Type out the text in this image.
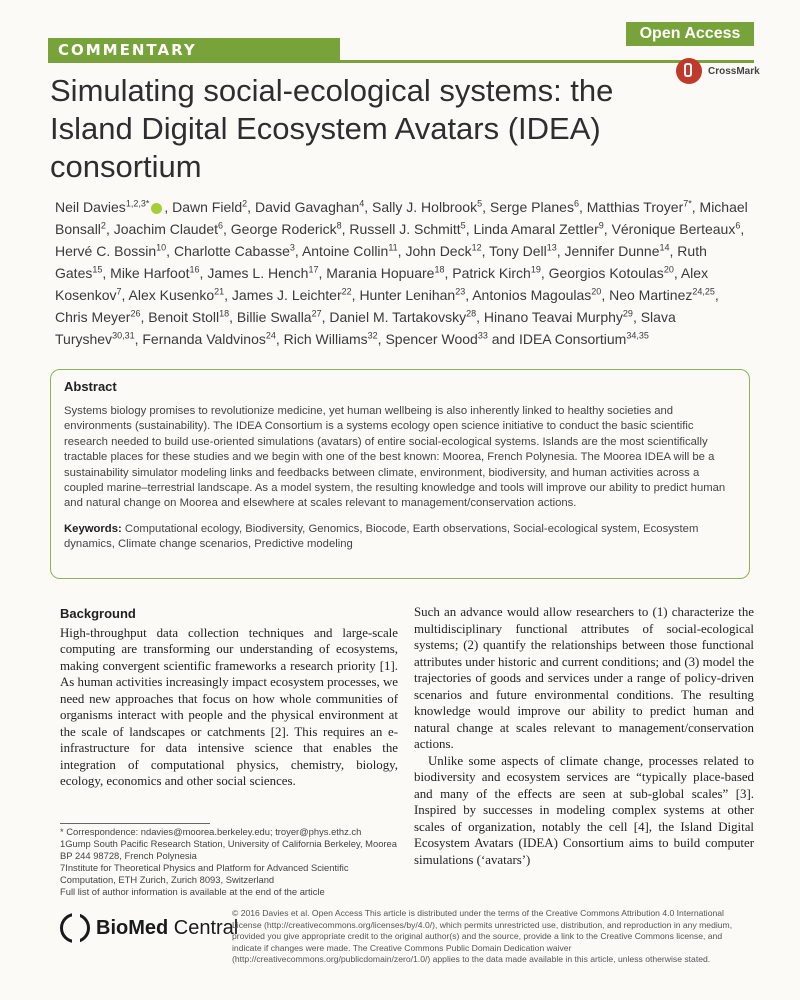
COMMENTARY
Open Access
CrossMark
Simulating social-ecological systems: the Island Digital Ecosystem Avatars (IDEA) consortium
Neil Davies$^{1,2,3*}$ , Dawn Field$^2$, David Gavaghan$^4$, Sally J. Holbrook$^5$, Serge Planes$^6$, Matthias Troyer$^{7*}$, Michael Bonsall$^2$, Joachim Claudet$^6$, George Roderick$^8$, Russell J. Schmitt$^5$, Linda Amaral Zettler$^9$, Véronique Berteaux$^6$, Hervé C. Bossin$^{10}$, Charlotte Cabasse$^3$, Antoine Collin$^{11}$, John Deck$^{12}$, Tony Dell$^{13}$, Jennifer Dunne$^{14}$, Ruth Gates$^{15}$, Mike Harfoot$^{16}$, James L. Hench$^{17}$, Marania Hopuare$^{18}$, Patrick Kirch$^{19}$, Georgios Kotoulas$^{20}$, Alex Kosenkov$^7$, Alex Kusenko$^{21}$, James J. Leichter$^{22}$, Hunter Lenihan$^{23}$, Antonios Magoulas$^{20}$, Neo Martinez$^{24,25}$, Chris Meyer$^{26}$, Benoit Stoll$^{18}$, Billie Swalla$^{27}$, Daniel M. Tartakovsky$^{28}$, Hinano Teavai Murphy$^{29}$, Slava Turyshev$^{30,31}$, Fernanda Valdvinos$^{24}$, Rich Williams$^{32}$, Spencer Wood$^{33}$ and IDEA Consortium$^{34,35}$
Abstract
Systems biology promises to revolutionize medicine, yet human wellbeing is also inherently linked to healthy societies and environments (sustainability). The IDEA Consortium is a systems ecology open science initiative to conduct the basic scientific research needed to build use-oriented simulations (avatars) of entire social-ecological systems. Islands are the most scientifically tractable places for these studies and we begin with one of the best known: Moorea, French Polynesia. The Moorea IDEA will be a sustainability simulator modeling links and feedbacks between climate, environment, biodiversity, and human activities across a coupled marine–terrestrial landscape. As a model system, the resulting knowledge and tools will improve our ability to predict human and natural change on Moorea and elsewhere at scales relevant to management/conservation actions.
Keywords: Computational ecology, Biodiversity, Genomics, Biocode, Earth observations, Social-ecological system, Ecosystem dynamics, Climate change scenarios, Predictive modeling
Background
High-throughput data collection techniques and large-scale computing are transforming our understanding of ecosystems, making convergent scientific frameworks a research priority [1]. As human activities increasingly impact ecosystem processes, we need new approaches that focus on how whole communities of organisms interact with people and the physical environment at the scale of landscapes or catchments [2]. This requires an e-infrastructure for data intensive science that enables the integration of computational physics, chemistry, biology, ecology, economics and other social sciences.

Such an advance would allow researchers to (1) characterize the multidisciplinary functional attributes of social-ecological systems; (2) quantify the relationships between those functional attributes under historic and current conditions; and (3) model the trajectories of goods and services under a range of policy-driven scenarios and future environmental conditions. The resulting knowledge would improve our ability to predict human and natural change at scales relevant to management/conservation actions.

Unlike some aspects of climate change, processes related to biodiversity and ecosystem services are “typically place-based and many of the effects are seen at sub-global scales” [3]. Inspired by successes in modeling complex systems at other scales of organization, notably the cell [4], the Island Digital Ecosystem Avatars (IDEA) Consortium aims to build computer simulations (‘avatars’)

* Correspondence: ndavies@moorea.berkeley.edu; troyer@phys.ethz.ch
1Gump South Pacific Research Station, University of California Berkeley, Moorea BP 244 98728, French Polynesia
7Institute for Theoretical Physics and Platform for Advanced Scientific Computation, ETH Zurich, Zurich 8093, Switzerland
Full list of author information is available at the end of the article
BioMed Central
© 2016 Davies et al. Open Access This article is distributed under the terms of the Creative Commons Attribution 4.0 International License (http://creativecommons.org/licenses/by/4.0/), which permits unrestricted use, distribution, and reproduction in any medium, provided you give appropriate credit to the original author(s) and the source, provide a link to the Creative Commons license, and indicate if changes were made. The Creative Commons Public Domain Dedication waiver (http://creativecommons.org/publicdomain/zero/1.0/) applies to the data made available in this article, unless otherwise stated.
